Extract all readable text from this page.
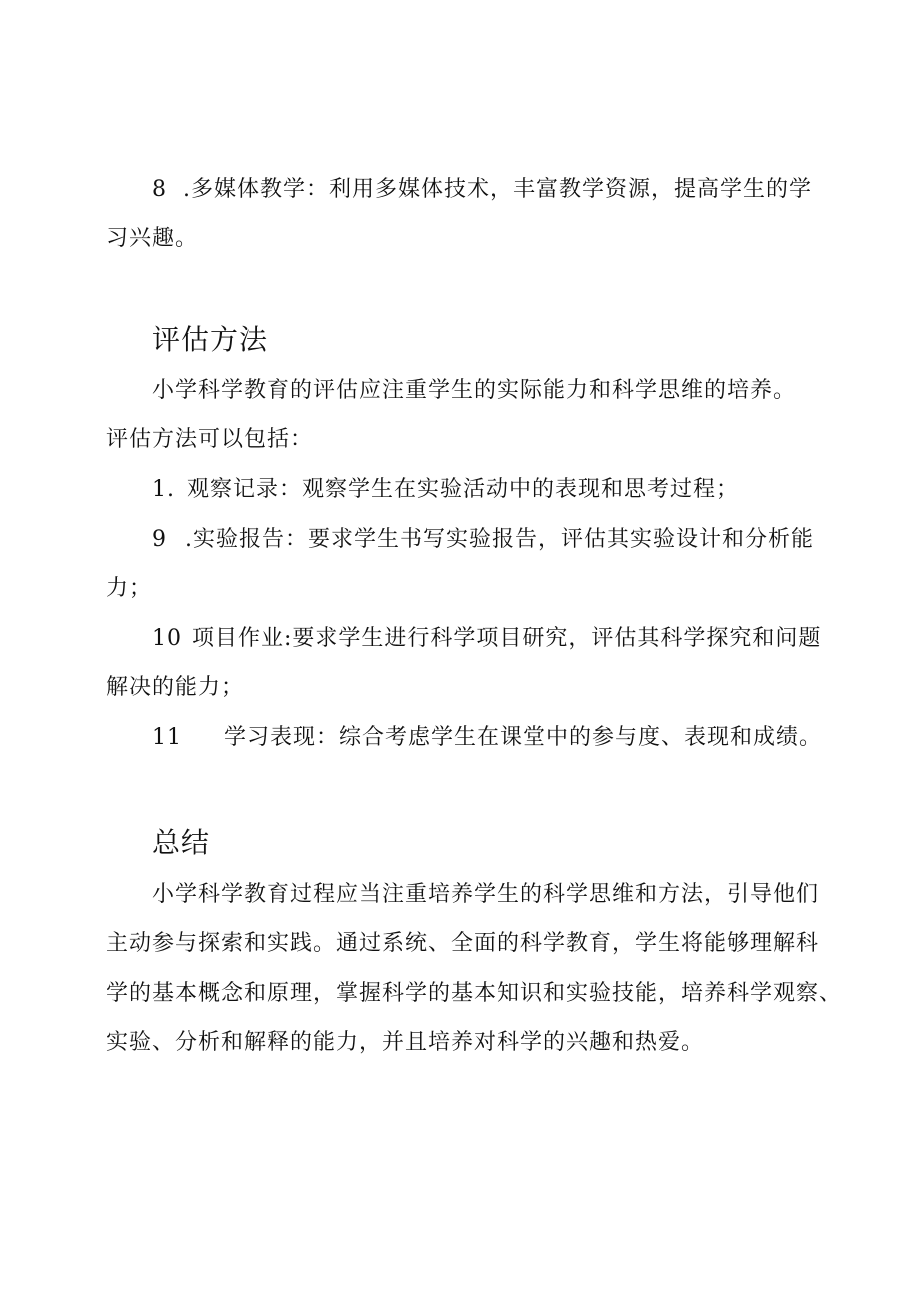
8 .多媒体教学：利用多媒体技术，丰富教学资源，提高学生的学
习兴趣。
评估方法
小学科学教育的评估应注重学生的实际能力和科学思维的培养。
评估方法可以包括：
1. 观察记录：观察学生在实验活动中的表现和思考过程；
9 .实验报告：要求学生书写实验报告，评估其实验设计和分析能
力；
10 项目作业:要求学生进行科学项目研究，评估其科学探究和问题
解决的能力；
11 学习表现：综合考虑学生在课堂中的参与度、表现和成绩。
总结
小学科学教育过程应当注重培养学生的科学思维和方法，引导他们
主动参与探索和实践。通过系统、全面的科学教育，学生将能够理解科
学的基本概念和原理，掌握科学的基本知识和实验技能，培养科学观察、
实验、分析和解释的能力，并且培养对科学的兴趣和热爱。
